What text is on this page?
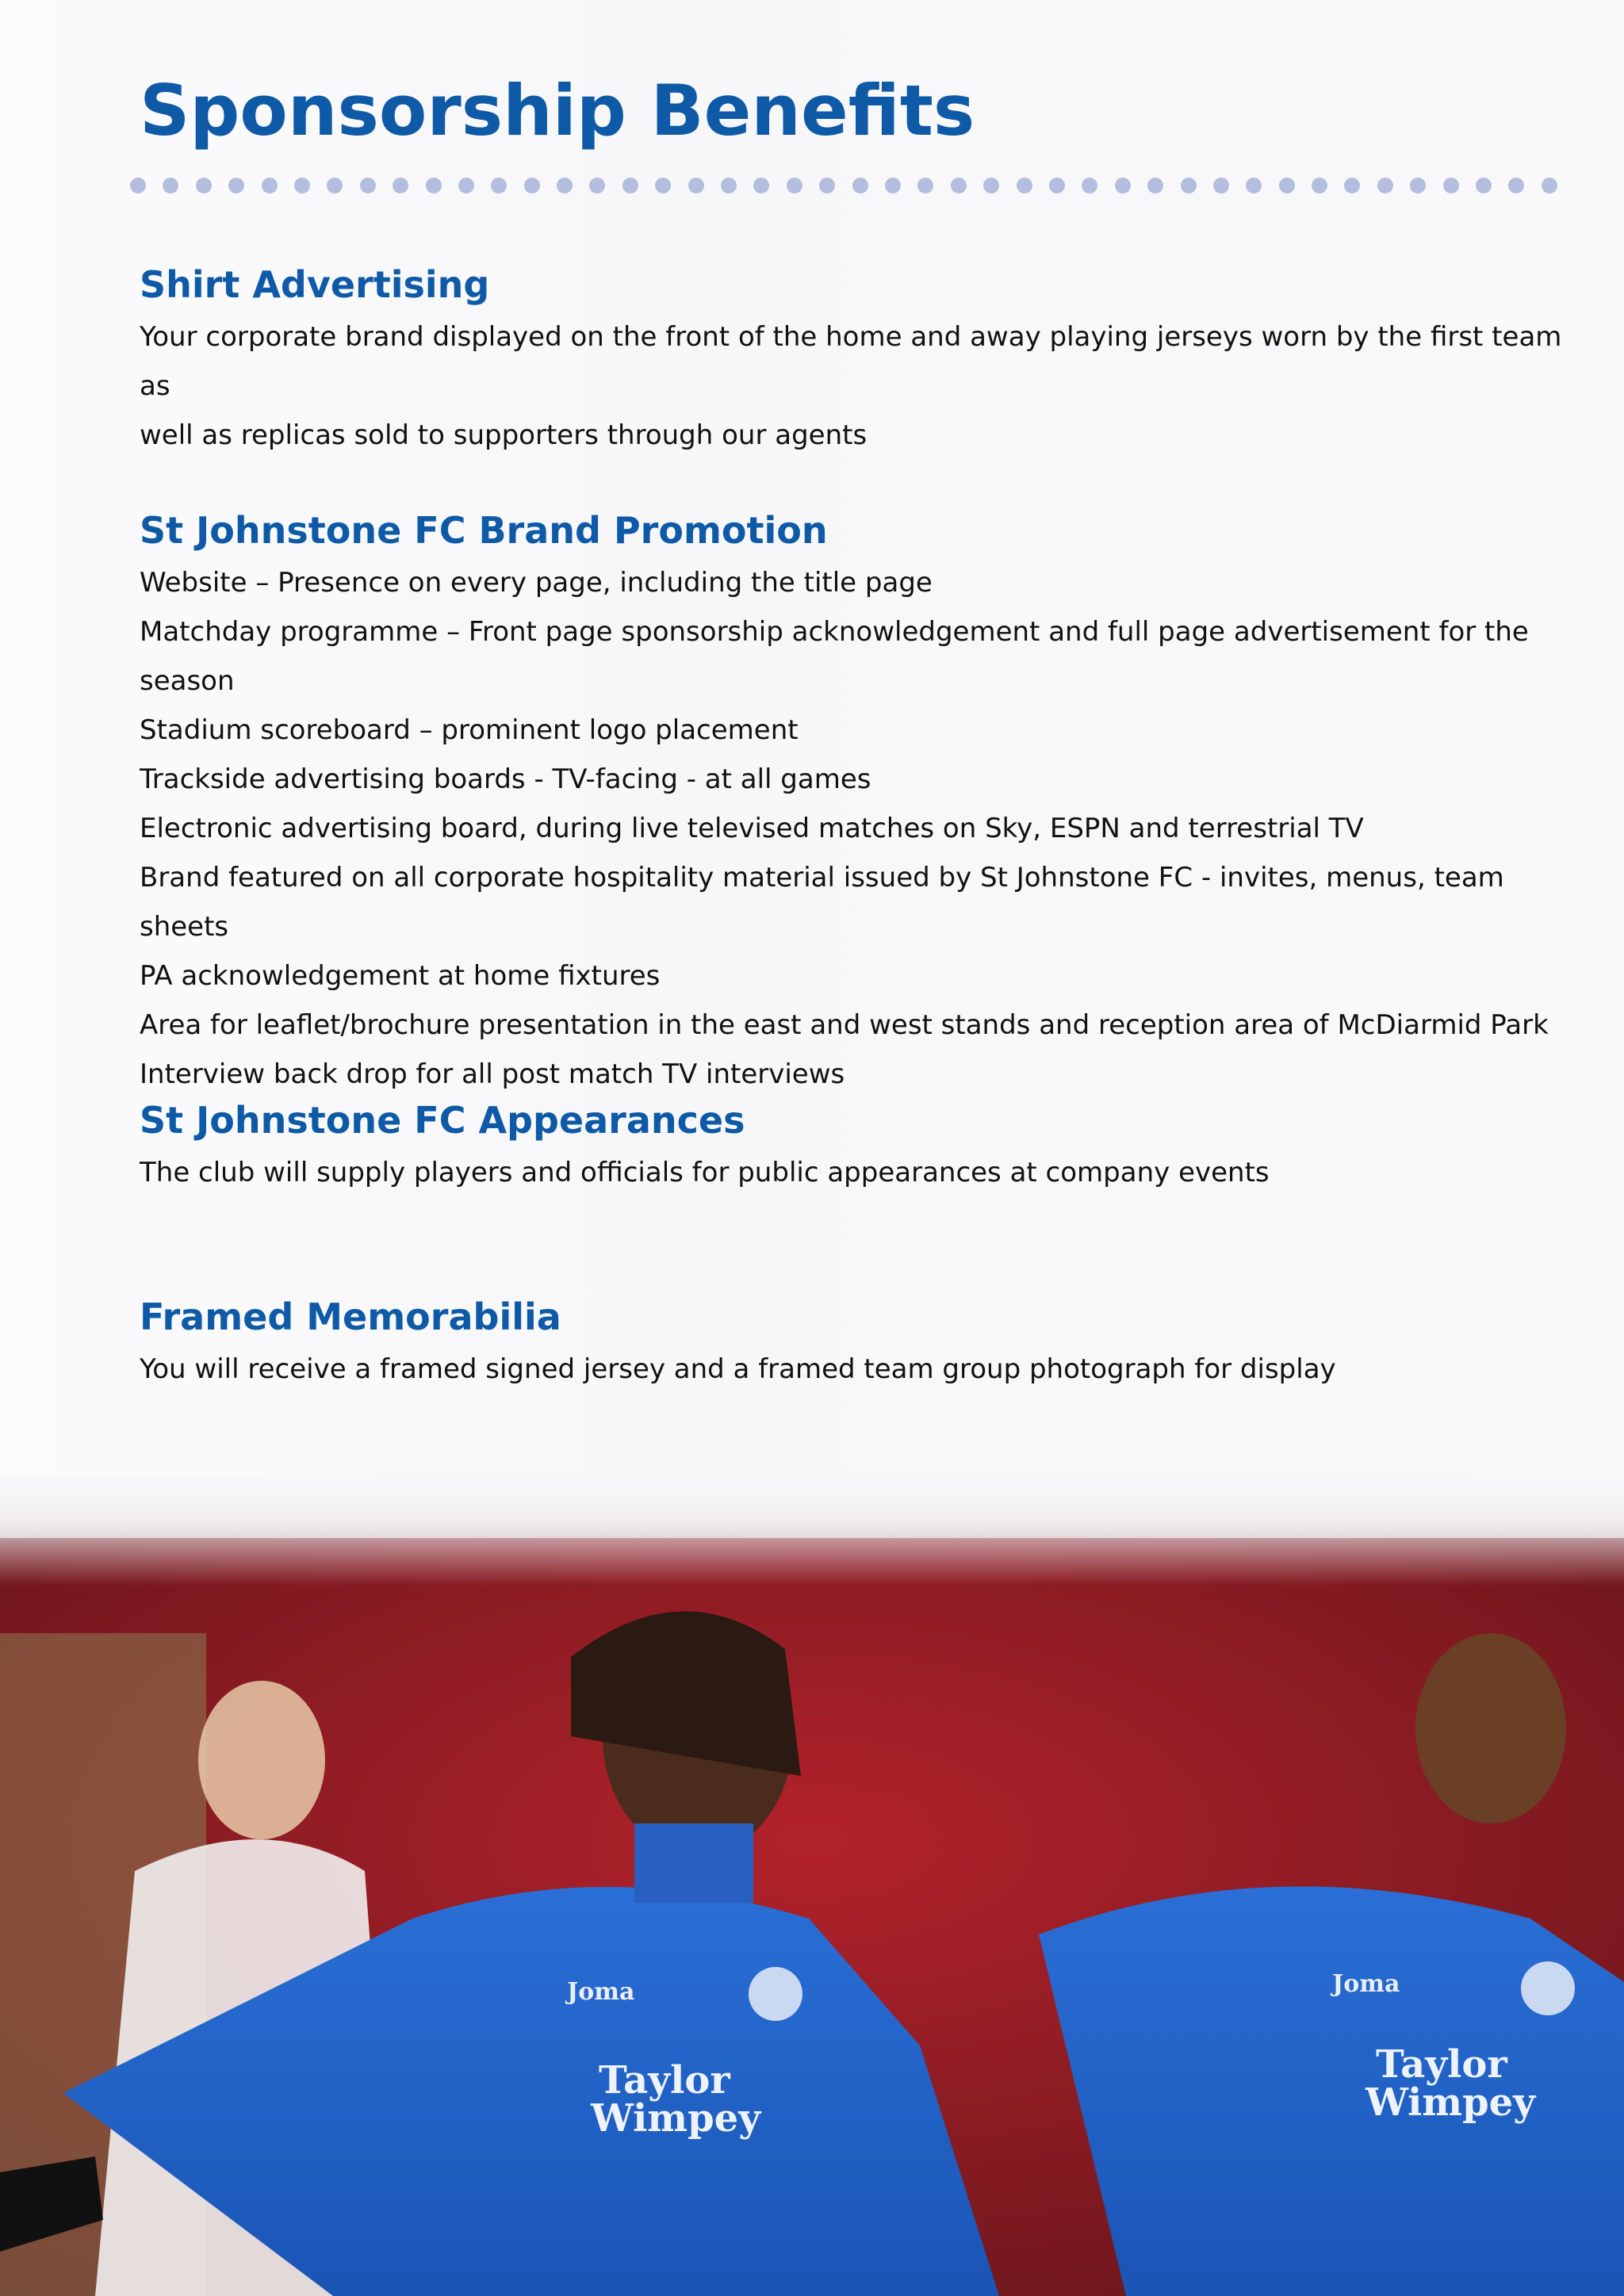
Sponsorship Benefits
Shirt Advertising

Your corporate brand displayed on the front of the home and away playing jerseys worn by the first team as

well as replicas sold to supporters through our agents

St Johnstone FC Brand Promotion
Website – Presence on every page, including the title page
Matchday programme – Front page sponsorship acknowledgement and full page advertisement for the season
Stadium scoreboard – prominent logo placement
Trackside advertising boards - TV-facing - at all games
Electronic advertising board, during live televised matches on Sky, ESPN and terrestrial TV
Brand featured on all corporate hospitality material issued by St Johnstone FC - invites, menus, team sheets
PA acknowledgement at home fixtures
Area for leaflet/brochure presentation in the east and west stands and reception area of McDiarmid Park
Interview back drop for all post match TV interviews
St Johnstone FC Appearances

The club will supply players and officials for public appearances at company events

Framed Memorabilia

You will receive a framed signed jersey and a framed team group photograph for display

Joma
Taylor
Wimpey
Joma
Taylor
Wimpey
